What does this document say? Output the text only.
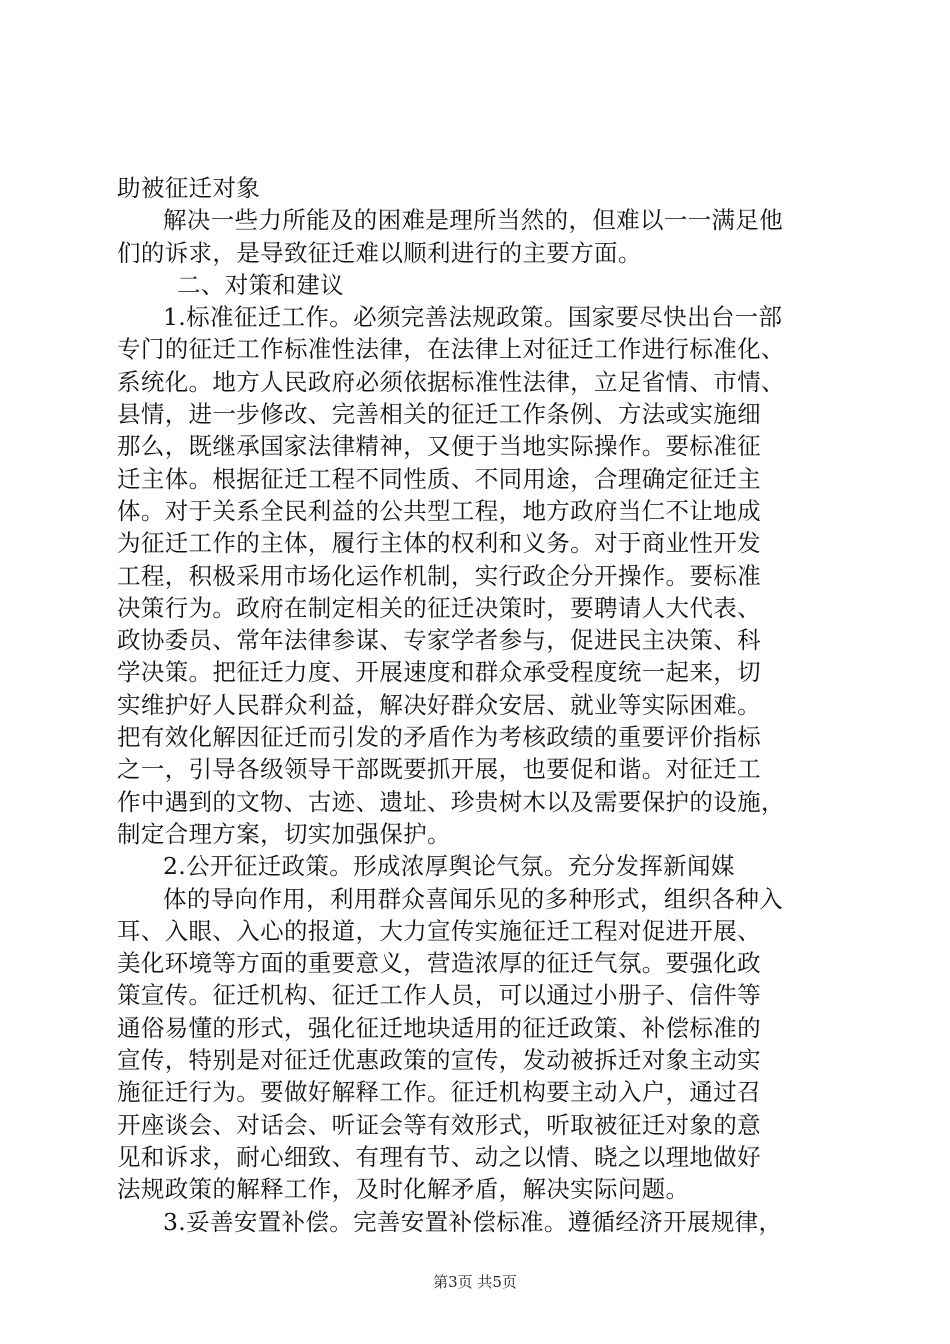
助被征迁对象
解决一些力所能及的困难是理所当然的，但难以一一满足他
们的诉求，是导致征迁难以顺利进行的主要方面。
二、对策和建议
1.标准征迁工作。必须完善法规政策。国家要尽快出台一部
专门的征迁工作标准性法律，在法律上对征迁工作进行标准化、
系统化。地方人民政府必须依据标准性法律，立足省情、市情、
县情，进一步修改、完善相关的征迁工作条例、方法或实施细
那么，既继承国家法律精神，又便于当地实际操作。要标准征
迁主体。根据征迁工程不同性质、不同用途，合理确定征迁主
体。对于关系全民利益的公共型工程，地方政府当仁不让地成
为征迁工作的主体，履行主体的权利和义务。对于商业性开发
工程，积极采用市场化运作机制，实行政企分开操作。要标准
决策行为。政府在制定相关的征迁决策时，要聘请人大代表、
政协委员、常年法律参谋、专家学者参与，促进民主决策、科
学决策。把征迁力度、开展速度和群众承受程度统一起来，切
实维护好人民群众利益，解决好群众安居、就业等实际困难。
把有效化解因征迁而引发的矛盾作为考核政绩的重要评价指标
之一，引导各级领导干部既要抓开展，也要促和谐。对征迁工
作中遇到的文物、古迹、遗址、珍贵树木以及需要保护的设施，
制定合理方案，切实加强保护。
2.公开征迁政策。形成浓厚舆论气氛。充分发挥新闻媒
体的导向作用，利用群众喜闻乐见的多种形式，组织各种入
耳、入眼、入心的报道，大力宣传实施征迁工程对促进开展、
美化环境等方面的重要意义，营造浓厚的征迁气氛。要强化政
策宣传。征迁机构、征迁工作人员，可以通过小册子、信件等
通俗易懂的形式，强化征迁地块适用的征迁政策、补偿标准的
宣传，特别是对征迁优惠政策的宣传，发动被拆迁对象主动实
施征迁行为。要做好解释工作。征迁机构要主动入户，通过召
开座谈会、对话会、听证会等有效形式，听取被征迁对象的意
见和诉求，耐心细致、有理有节、动之以情、晓之以理地做好
法规政策的解释工作，及时化解矛盾，解决实际问题。
3.妥善安置补偿。完善安置补偿标准。遵循经济开展规律，
第3页 共5页
